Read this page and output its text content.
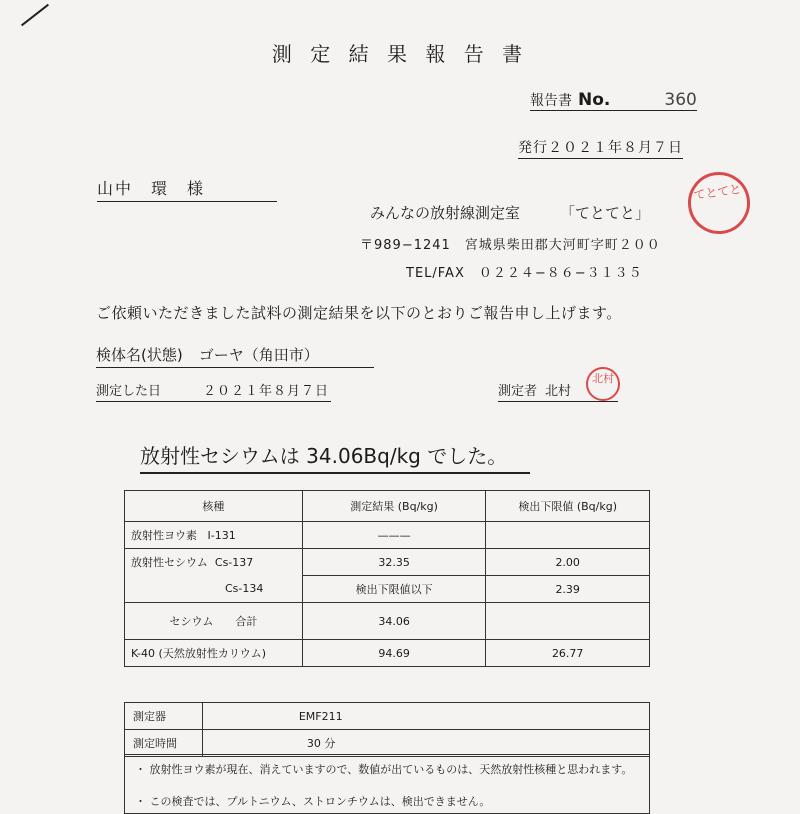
測 定 結 果 報 告 書
報告書 No.	360
発行２０２１年８月７日
山中　環　様
みんなの放射線測定室	「てとてと」
〒989−1241　宮城県柴田郡大河町字町２００
TEL/FAX　０２２４−８６−３１３５
てとてと
ご依頼いただきました試料の測定結果を以下のとおりご報告申し上げます。
検体名(状態) ゴーヤ（角田市）
測定した日	２０２１年８月７日	測定者 北村
北村
放射性セシウムは 34.06Bq/kg でした。
核種	測定結果 (Bq/kg)	検出下限値 (Bq/kg)
放射性ヨウ素 I-131	———	
放射性セシウム Cs-137	32.35	2.00
Cs-134	検出下限値以下	2.39
セシウム　　合計	34.06	
K-40 (天然放射性カリウム)	94.69	26.77
測定器	EMF211
測定時間	30 分

・ 放射性ヨウ素が現在、消えていますので、数値が出ているものは、天然放射性核種と思われます。

・ この検査では、プルトニウム、ストロンチウムは、検出できません。
